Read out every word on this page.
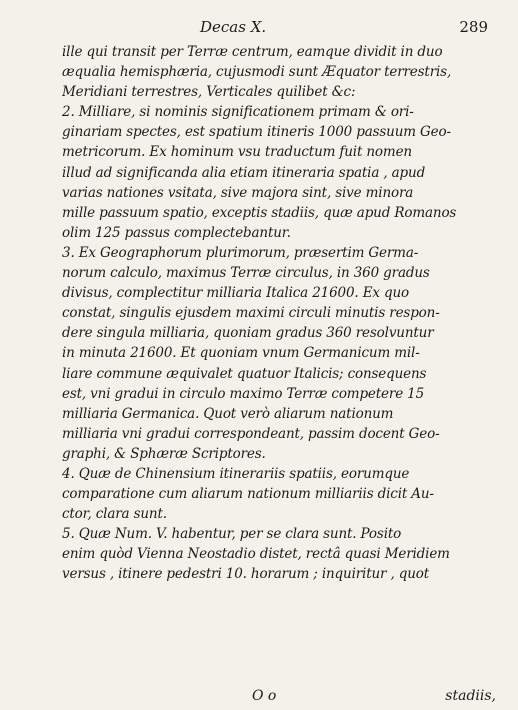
Decas X.	289
ille qui transit per Terræ centrum, eamque dividit in duo
æqualia hemisphæria, cujusmodi sunt Æquator terrestris,
Meridiani terrestres, Verticales quilibet &c:
2. Milliare, si nominis significationem primam & ori-
ginariam spectes, est spatium itineris 1000 passuum Geo-
metricorum. Ex hominum vsu traductum fuit nomen
illud ad significanda alia etiam itineraria spatia , apud
varias nationes vsitata, sive majora sint, sive minora
mille passuum spatio, exceptis stadiis, quæ apud Romanos
olim 125 passus complectebantur.
3. Ex Geographorum plurimorum, præsertim Germa-
norum calculo, maximus Terræ circulus, in 360 gradus
divisus, complectitur milliaria Italica 21600. Ex quo
constat, singulis ejusdem maximi circuli minutis respon-
dere singula milliaria, quoniam gradus 360 resolvuntur
in minuta 21600. Et quoniam vnum Germanicum mil-
liare commune æquivalet quatuor Italicis; consequens
est, vni gradui in circulo maximo Terræ competere 15
milliaria Germanica. Quot verò aliarum nationum
milliaria vni gradui correspondeant, passim docent Geo-
graphi, & Sphæræ Scriptores.
4. Quæ de Chinensium itinerariis spatiis, eorumque
comparatione cum aliarum nationum milliariis dicit Au-
ctor, clara sunt.
5. Quæ Num. V. habentur, per se clara sunt. Posito
enim quòd Vienna Neostadio distet, rectâ quasi Meridiem
versus , itinere pedestri 10. horarum ; inquiritur , quot
O o	stadiis,
